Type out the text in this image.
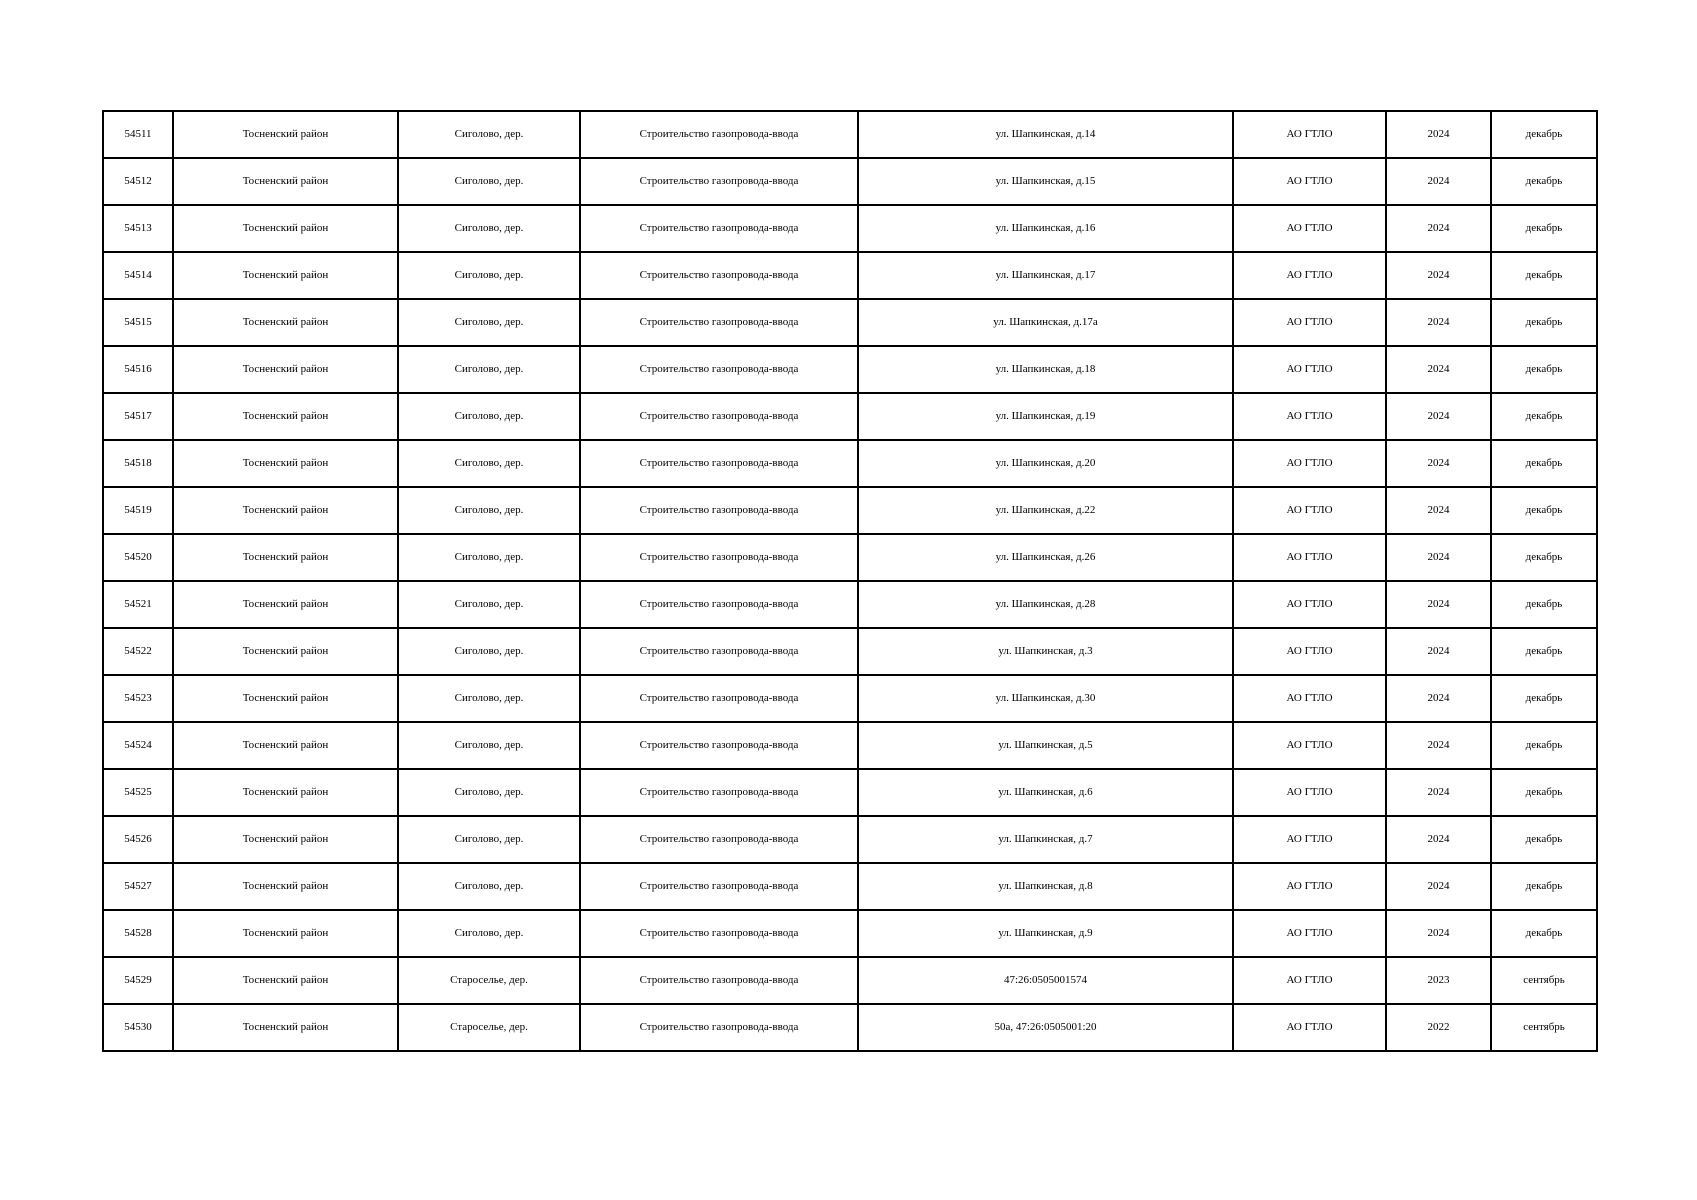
54511	Тосненский район	Сиголово, дер.	Строительство газопровода-ввода	ул. Шапкинская, д.14	АО ГТЛО	2024	декабрь
54512	Тосненский район	Сиголово, дер.	Строительство газопровода-ввода	ул. Шапкинская, д.15	АО ГТЛО	2024	декабрь
54513	Тосненский район	Сиголово, дер.	Строительство газопровода-ввода	ул. Шапкинская, д.16	АО ГТЛО	2024	декабрь
54514	Тосненский район	Сиголово, дер.	Строительство газопровода-ввода	ул. Шапкинская, д.17	АО ГТЛО	2024	декабрь
54515	Тосненский район	Сиголово, дер.	Строительство газопровода-ввода	ул. Шапкинская, д.17а	АО ГТЛО	2024	декабрь
54516	Тосненский район	Сиголово, дер.	Строительство газопровода-ввода	ул. Шапкинская, д.18	АО ГТЛО	2024	декабрь
54517	Тосненский район	Сиголово, дер.	Строительство газопровода-ввода	ул. Шапкинская, д.19	АО ГТЛО	2024	декабрь
54518	Тосненский район	Сиголово, дер.	Строительство газопровода-ввода	ул. Шапкинская, д.20	АО ГТЛО	2024	декабрь
54519	Тосненский район	Сиголово, дер.	Строительство газопровода-ввода	ул. Шапкинская, д.22	АО ГТЛО	2024	декабрь
54520	Тосненский район	Сиголово, дер.	Строительство газопровода-ввода	ул. Шапкинская, д.26	АО ГТЛО	2024	декабрь
54521	Тосненский район	Сиголово, дер.	Строительство газопровода-ввода	ул. Шапкинская, д.28	АО ГТЛО	2024	декабрь
54522	Тосненский район	Сиголово, дер.	Строительство газопровода-ввода	ул. Шапкинская, д.3	АО ГТЛО	2024	декабрь
54523	Тосненский район	Сиголово, дер.	Строительство газопровода-ввода	ул. Шапкинская, д.30	АО ГТЛО	2024	декабрь
54524	Тосненский район	Сиголово, дер.	Строительство газопровода-ввода	ул. Шапкинская, д.5	АО ГТЛО	2024	декабрь
54525	Тосненский район	Сиголово, дер.	Строительство газопровода-ввода	ул. Шапкинская, д.6	АО ГТЛО	2024	декабрь
54526	Тосненский район	Сиголово, дер.	Строительство газопровода-ввода	ул. Шапкинская, д.7	АО ГТЛО	2024	декабрь
54527	Тосненский район	Сиголово, дер.	Строительство газопровода-ввода	ул. Шапкинская, д.8	АО ГТЛО	2024	декабрь
54528	Тосненский район	Сиголово, дер.	Строительство газопровода-ввода	ул. Шапкинская, д.9	АО ГТЛО	2024	декабрь
54529	Тосненский район	Староселье, дер.	Строительство газопровода-ввода	47:26:0505001574	АО ГТЛО	2023	сентябрь
54530	Тосненский район	Староселье, дер.	Строительство газопровода-ввода	50а, 47:26:0505001:20	АО ГТЛО	2022	сентябрь
